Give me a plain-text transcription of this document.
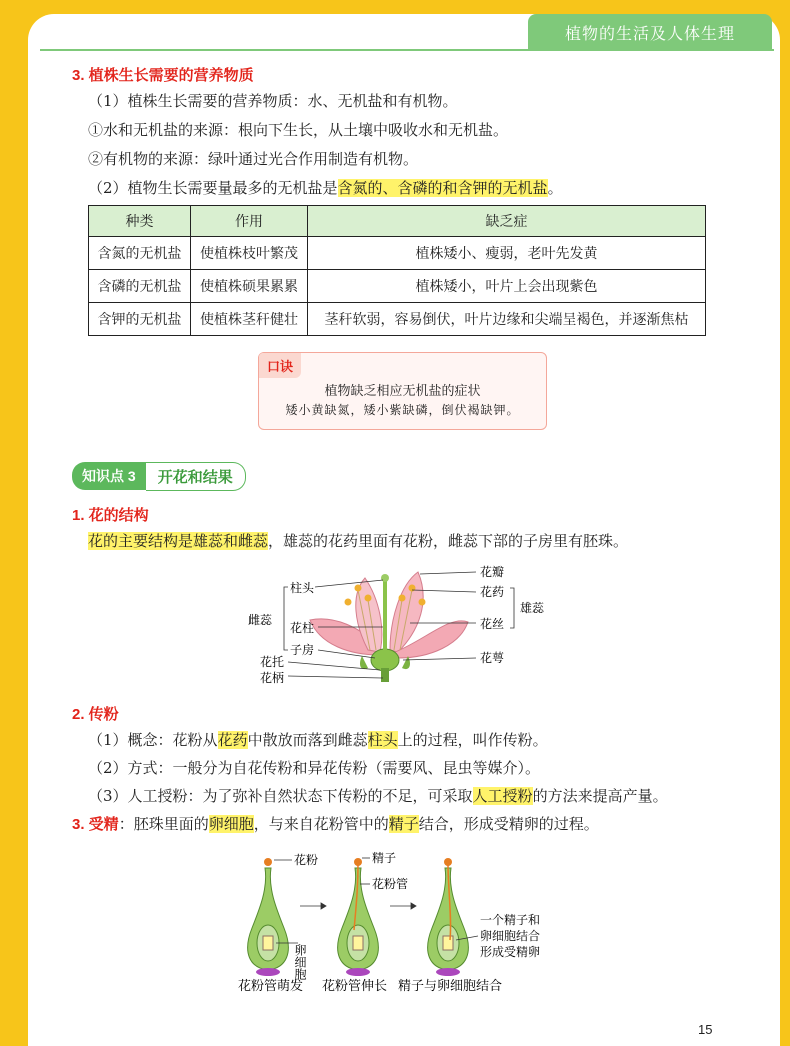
植物的生活及人体生理
3. 植株生长需要的营养物质
（1）植株生长需要的营养物质：水、无机盐和有机物。
①水和无机盐的来源：根向下生长，从土壤中吸收水和无机盐。
②有机物的来源：绿叶通过光合作用制造有机物。
（2）植物生长需要量最多的无机盐是含氮的、含磷的和含钾的无机盐。
种类	作用	缺乏症
含氮的无机盐	使植株枝叶繁茂	植株矮小、瘦弱，老叶先发黄
含磷的无机盐	使植株硕果累累	植株矮小，叶片上会出现紫色
含钾的无机盐	使植株茎秆健壮	茎秆软弱，容易倒伏，叶片边缘和尖端呈褐色，并逐渐焦枯
口诀
植物缺乏相应无机盐的症状
矮小黄缺氮，矮小紫缺磷，倒伏褐缺钾。
知识点 3	开花和结果
1. 花的结构
花的主要结构是雄蕊和雌蕊，雄蕊的花药里面有花粉，雌蕊下部的子房里有胚珠。
柱头
花柱
子房
花托
花柄
雌蕊
花瓣
花药
花丝
花萼
雄蕊
2. 传粉
（1）概念：花粉从花药中散放而落到雌蕊柱头上的过程，叫作传粉。
（2）方式：一般分为自花传粉和异花传粉（需要风、昆虫等媒介）。
（3）人工授粉：为了弥补自然状态下传粉的不足，可采取人工授粉的方法来提高产量。
3. 受精：胚珠里面的卵细胞，与来自花粉管中的精子结合，形成受精卵的过程。
花粉	精子
花粉管
卵细胞
一个精子和
卵细胞结合
形成受精卵
花粉管萌发 花粉管伸长 精子与卵细胞结合
15
